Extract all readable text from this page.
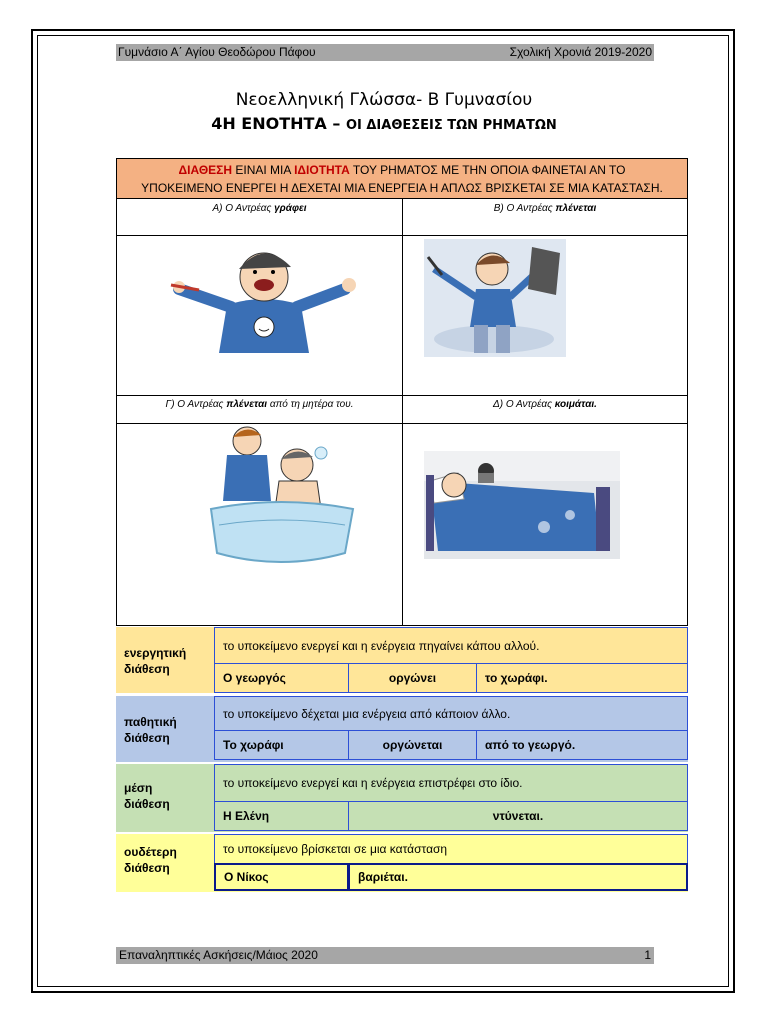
Γυμνάσιο Α΄ Αγίου Θεοδώρου Πάφου	Σχολική Χρονιά 2019-2020
Νεοελληνική Γλώσσα- Β Γυμνασίου
4Η ΕΝΟΤΗΤΑ – ΟΙ ΔΙΑΘΕΣΕΙΣ ΤΩΝ ΡΗΜΑΤΩΝ
ΔΙΑΘΕΣΗ ΕΙΝΑΙ ΜΙΑ ΙΔΙΟΤΗΤΑ ΤΟΥ ΡΗΜΑΤΟΣ ΜΕ ΤΗΝ ΟΠΟΙΑ ΦΑΙΝΕΤΑΙ ΑΝ ΤΟ
ΥΠΟΚΕΙΜΕΝΟ ΕΝΕΡΓΕΙ Η ΔΕΧΕΤΑΙ ΜΙΑ ΕΝΕΡΓΕΙΑ Η ΑΠΛΩΣ ΒΡΙΣΚΕΤΑΙ ΣΕ ΜΙΑ ΚΑΤΑΣΤΑΣΗ.
Α) Ο Αντρέας γράφει	Β) Ο Αντρέας πλένεται
Γ) Ο Αντρέας πλένεται από τη μητέρα του.	Δ) Ο Αντρέας κοιμάται.
ενεργητική
διάθεση
το υποκείμενο ενεργεί και η ενέργεια πηγαίνει κάπου αλλού.
Ο γεωργός	οργώνει	το χωράφι.
παθητική
διάθεση
το υποκείμενο δέχεται μια ενέργεια από κάποιον άλλο.
Το χωράφι	οργώνεται	από το γεωργό.
μέση
διάθεση
το υποκείμενο ενεργεί και η ενέργεια επιστρέφει στο ίδιο.
Η Ελένη	ντύνεται.
ουδέτερη
διάθεση
το υποκείμενο βρίσκεται σε μια κατάσταση
Ο Νίκος	βαριέται.
Επαναληπτικές Ασκήσεις/Μάιος 2020	1
